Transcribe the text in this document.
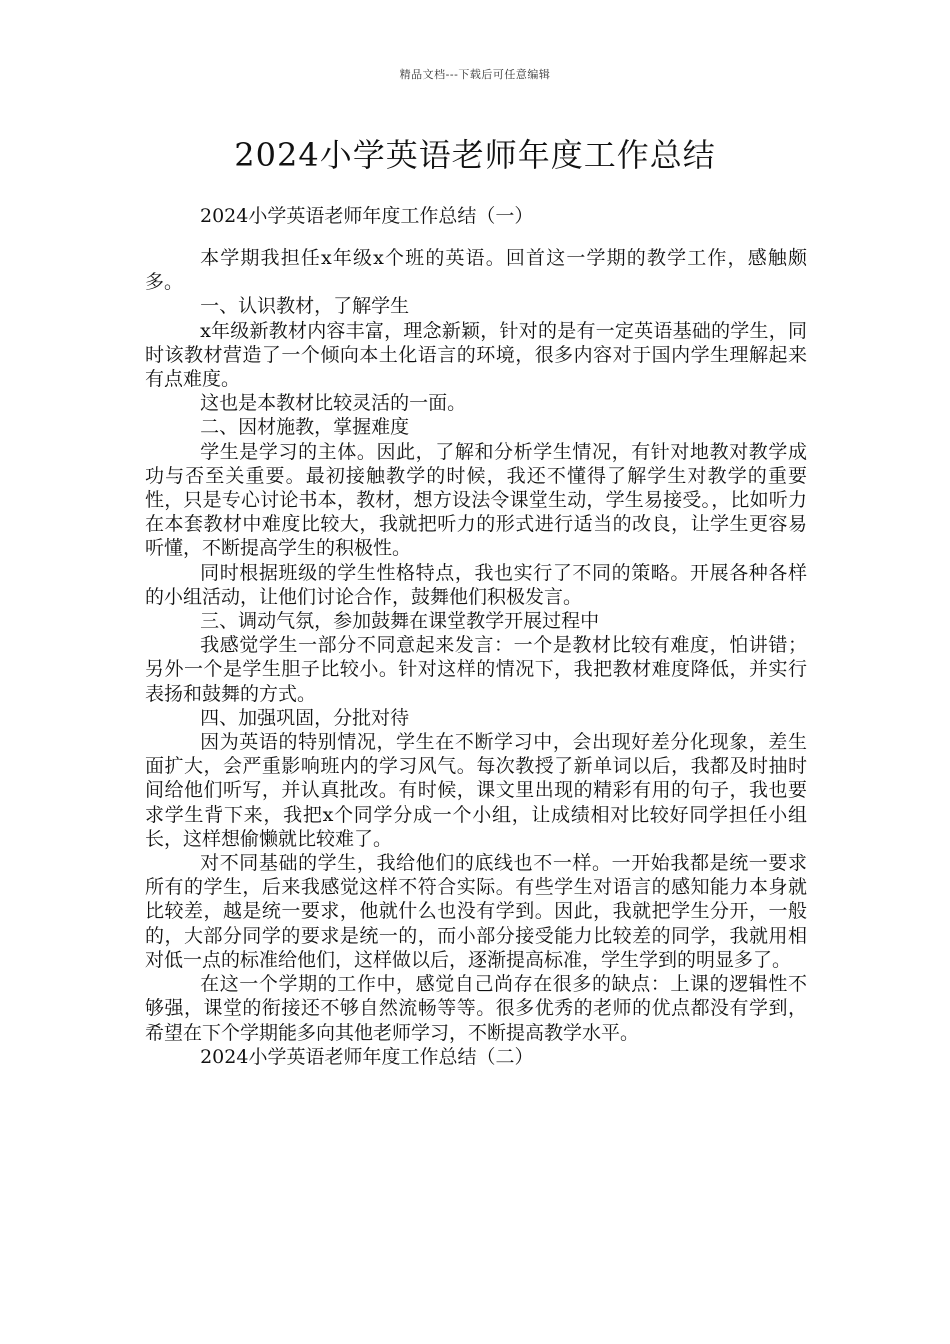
精品文档---下载后可任意编辑
2024小学英语老师年度工作总结

2024小学英语老师年度工作总结（一）

本学期我担任x年级x个班的英语。回首这一学期的教学工作，感触颇多。

一、认识教材，了解学生

x年级新教材内容丰富，理念新颖，针对的是有一定英语基础的学生，同时该教材营造了一个倾向本土化语言的环境，很多内容对于国内学生理解起来有点难度。

这也是本教材比较灵活的一面。

二、因材施教，掌握难度

学生是学习的主体。因此，了解和分析学生情况，有针对地教对教学成功与否至关重要。最初接触教学的时候，我还不懂得了解学生对教学的重要性，只是专心讨论书本，教材，想方设法令课堂生动，学生易接受。，比如听力在本套教材中难度比较大，我就把听力的形式进行适当的改良，让学生更容易听懂，不断提高学生的积极性。

同时根据班级的学生性格特点，我也实行了不同的策略。开展各种各样的小组活动，让他们讨论合作，鼓舞他们积极发言。

三、调动气氛，参加鼓舞在课堂教学开展过程中

我感觉学生一部分不同意起来发言：一个是教材比较有难度，怕讲错；另外一个是学生胆子比较小。针对这样的情况下，我把教材难度降低，并实行表扬和鼓舞的方式。

四、加强巩固，分批对待

因为英语的特别情况，学生在不断学习中，会出现好差分化现象，差生面扩大，会严重影响班内的学习风气。每次教授了新单词以后，我都及时抽时间给他们听写，并认真批改。有时候，课文里出现的精彩有用的句子，我也要求学生背下来，我把x个同学分成一个小组，让成绩相对比较好同学担任小组长，这样想偷懒就比较难了。

对不同基础的学生，我给他们的底线也不一样。一开始我都是统一要求所有的学生，后来我感觉这样不符合实际。有些学生对语言的感知能力本身就比较差，越是统一要求，他就什么也没有学到。因此，我就把学生分开，一般的，大部分同学的要求是统一的，而小部分接受能力比较差的同学，我就用相对低一点的标准给他们，这样做以后，逐渐提高标准，学生学到的明显多了。

在这一个学期的工作中，感觉自己尚存在很多的缺点：上课的逻辑性不够强，课堂的衔接还不够自然流畅等等。很多优秀的老师的优点都没有学到，希望在下个学期能多向其他老师学习，不断提高教学水平。

2024小学英语老师年度工作总结（二）
